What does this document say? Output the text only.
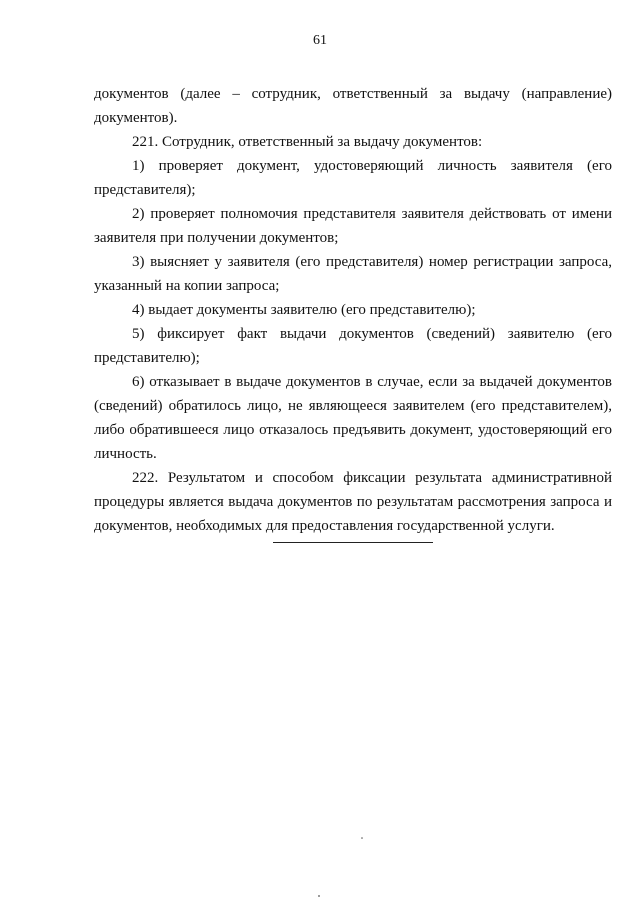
61

документов (далее – сотрудник, ответственный за выдачу (направление) документов).

221. Сотрудник, ответственный за выдачу документов:

1) проверяет документ, удостоверяющий личность заявителя (его представителя);

2) проверяет полномочия представителя заявителя действовать от имени заявителя при получении документов;

3) выясняет у заявителя (его представителя) номер регистрации запроса, указанный на копии запроса;

4) выдает документы заявителю (его представителю);

5) фиксирует факт выдачи документов (сведений) заявителю (его представителю);

6) отказывает в выдаче документов в случае, если за выдачей документов (сведений) обратилось лицо, не являющееся заявителем (его представителем), либо обратившееся лицо отказалось предъявить документ, удостоверяющий его личность.

222. Результатом и способом фиксации результата административной процедуры является выдача документов по результатам рассмотрения запроса и документов, необходимых для предоставления государственной услуги.
